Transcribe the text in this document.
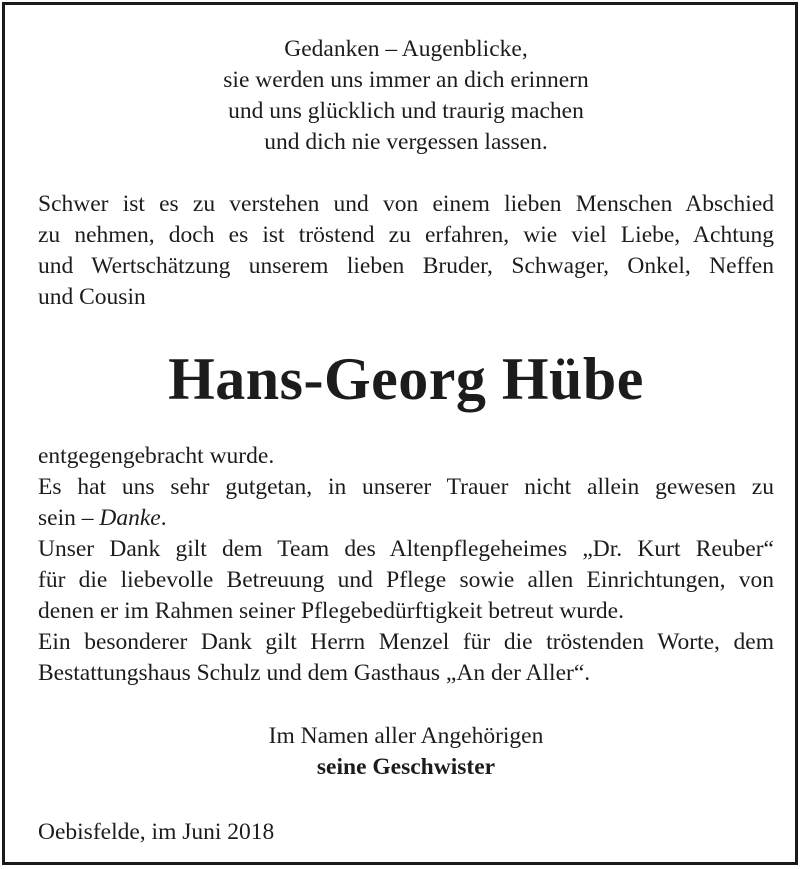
Gedanken – Augenblicke,
sie werden uns immer an dich erinnern
und uns glücklich und traurig machen
und dich nie vergessen lassen.
Schwer ist es zu verstehen und von einem lieben Menschen Abschied
zu nehmen, doch es ist tröstend zu erfahren, wie viel Liebe, Achtung
und Wertschätzung unserem lieben Bruder, Schwager, Onkel, Neffen
und Cousin
Hans-Georg Hübe
entgegengebracht wurde.
Es hat uns sehr gutgetan, in unserer Trauer nicht allein gewesen zu
sein – Danke.
Unser Dank gilt dem Team des Altenpflegeheimes „Dr. Kurt Reuber“
für die liebevolle Betreuung und Pflege sowie allen Einrichtungen, von
denen er im Rahmen seiner Pflegebedürftigkeit betreut wurde.
Ein besonderer Dank gilt Herrn Menzel für die tröstenden Worte, dem
Bestattungshaus Schulz und dem Gasthaus „An der Aller“.
Im Namen aller Angehörigen
seine Geschwister
Oebisfelde, im Juni 2018
